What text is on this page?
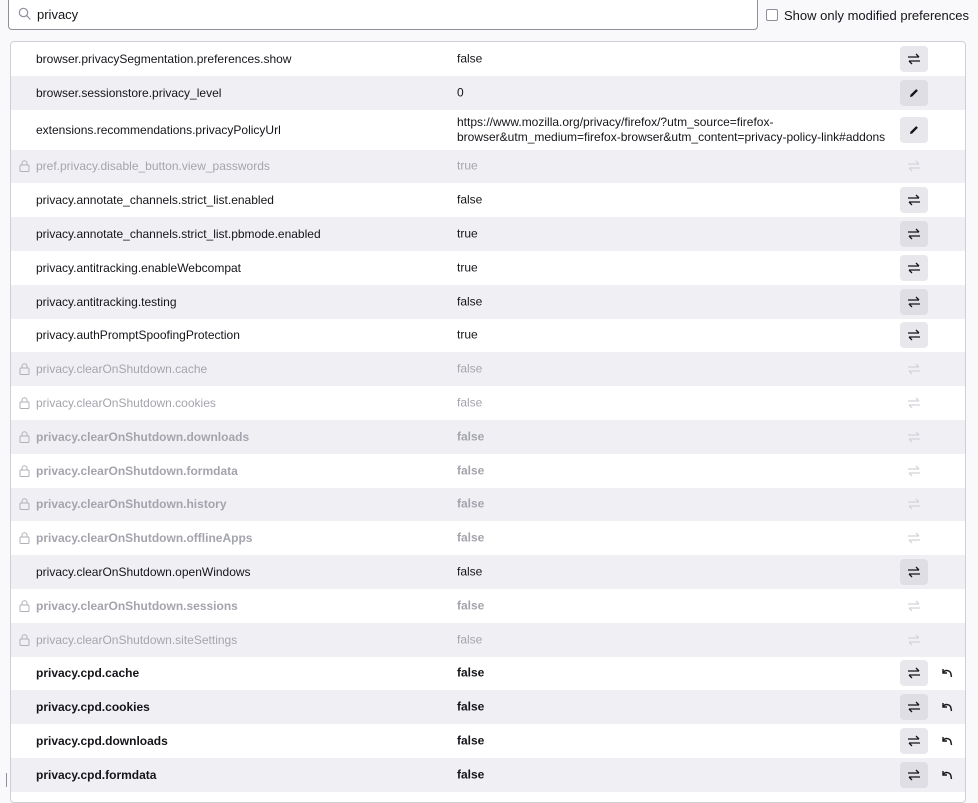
privacy
Show only modified preferences
browser.privacySegmentation.preferences.show	false
browser.sessionstore.privacy_level	0
extensions.recommendations.privacyPolicyUrl
https://www.mozilla.org/privacy/firefox/?utm_source=firefox-browser&utm_medium=firefox-browser&utm_content=privacy-policy-link#addons
pref.privacy.disable_button.view_passwords	true
privacy.annotate_channels.strict_list.enabled	false
privacy.annotate_channels.strict_list.pbmode.enabled	true
privacy.antitracking.enableWebcompat	true
privacy.antitracking.testing	false
privacy.authPromptSpoofingProtection	true
privacy.clearOnShutdown.cache	false
privacy.clearOnShutdown.cookies	false
privacy.clearOnShutdown.downloads	false
privacy.clearOnShutdown.formdata	false
privacy.clearOnShutdown.history	false
privacy.clearOnShutdown.offlineApps	false
privacy.clearOnShutdown.openWindows	false
privacy.clearOnShutdown.sessions	false
privacy.clearOnShutdown.siteSettings	false
privacy.cpd.cache	false
privacy.cpd.cookies	false
privacy.cpd.downloads	false
privacy.cpd.formdata	false
